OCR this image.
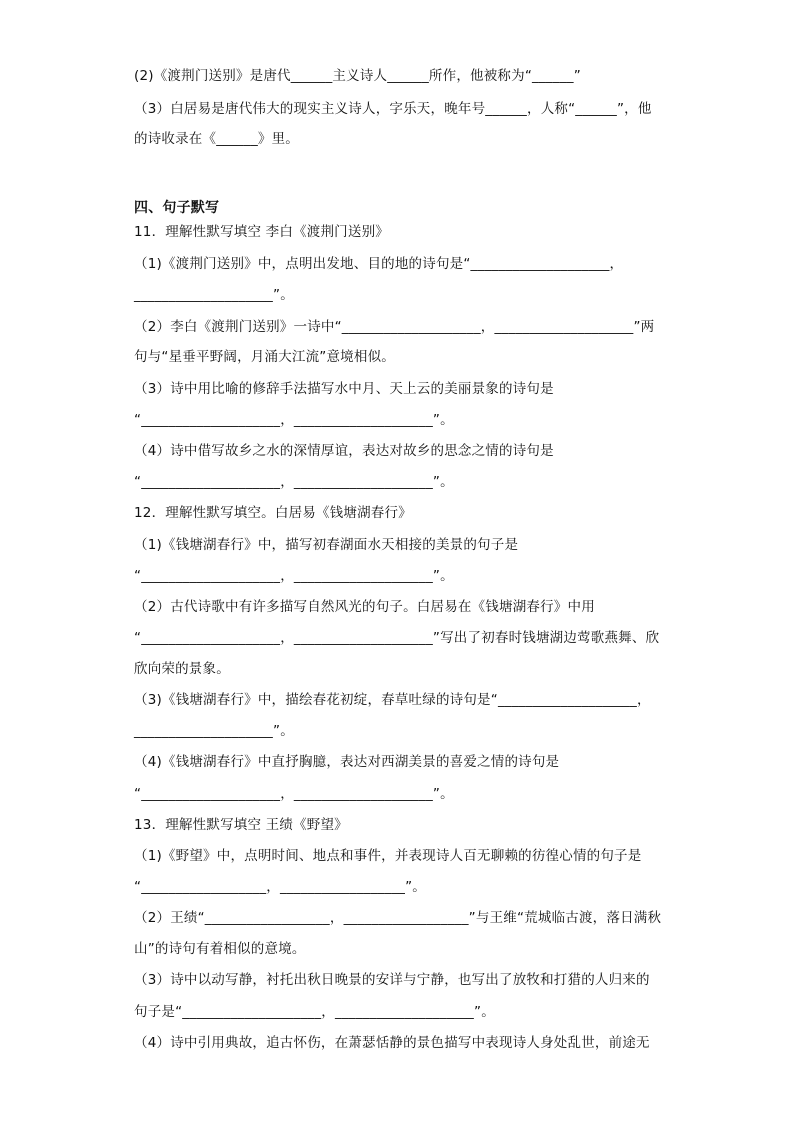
(2)《渡荆门送别》是唐代______主义诗人______所作，他被称为“______”
（3）白居易是唐代伟大的现实主义诗人，字乐天，晚年号______，人称“______”，他
的诗收录在《______》里。
四、句子默写
11．理解性默写填空 李白《渡荆门送别》
（1)《渡荆门送别》中，点明出发地、目的地的诗句是“____________________，
____________________”。
（2）李白《渡荆门送别》一诗中“____________________，____________________”两
句与“星垂平野阔，月涌大江流”意境相似。
（3）诗中用比喻的修辞手法描写水中月、天上云的美丽景象的诗句是
“____________________，____________________”。
（4）诗中借写故乡之水的深情厚谊，表达对故乡的思念之情的诗句是
“____________________，____________________”。
12．理解性默写填空。白居易《钱塘湖春行》
（1)《钱塘湖春行》中，描写初春湖面水天相接的美景的句子是
“____________________，____________________”。
（2）古代诗歌中有许多描写自然风光的句子。白居易在《钱塘湖春行》中用
“____________________，____________________”写出了初春时钱塘湖边莺歌燕舞、欣
欣向荣的景象。
（3)《钱塘湖春行》中，描绘春花初绽，春草吐绿的诗句是“____________________，
____________________”。
（4)《钱塘湖春行》中直抒胸臆，表达对西湖美景的喜爱之情的诗句是
“____________________，____________________”。
13．理解性默写填空 王绩《野望》
（1)《野望》中，点明时间、地点和事件，并表现诗人百无聊赖的彷徨心情的句子是
“__________________，__________________”。
（2）王绩“__________________，__________________”与王维“荒城临古渡，落日满秋
山”的诗句有着相似的意境。
（3）诗中以动写静，衬托出秋日晚景的安详与宁静，也写出了放牧和打猎的人归来的
句子是“____________________，____________________”。
（4）诗中引用典故，追古怀伤，在萧瑟恬静的景色描写中表现诗人身处乱世，前途无
